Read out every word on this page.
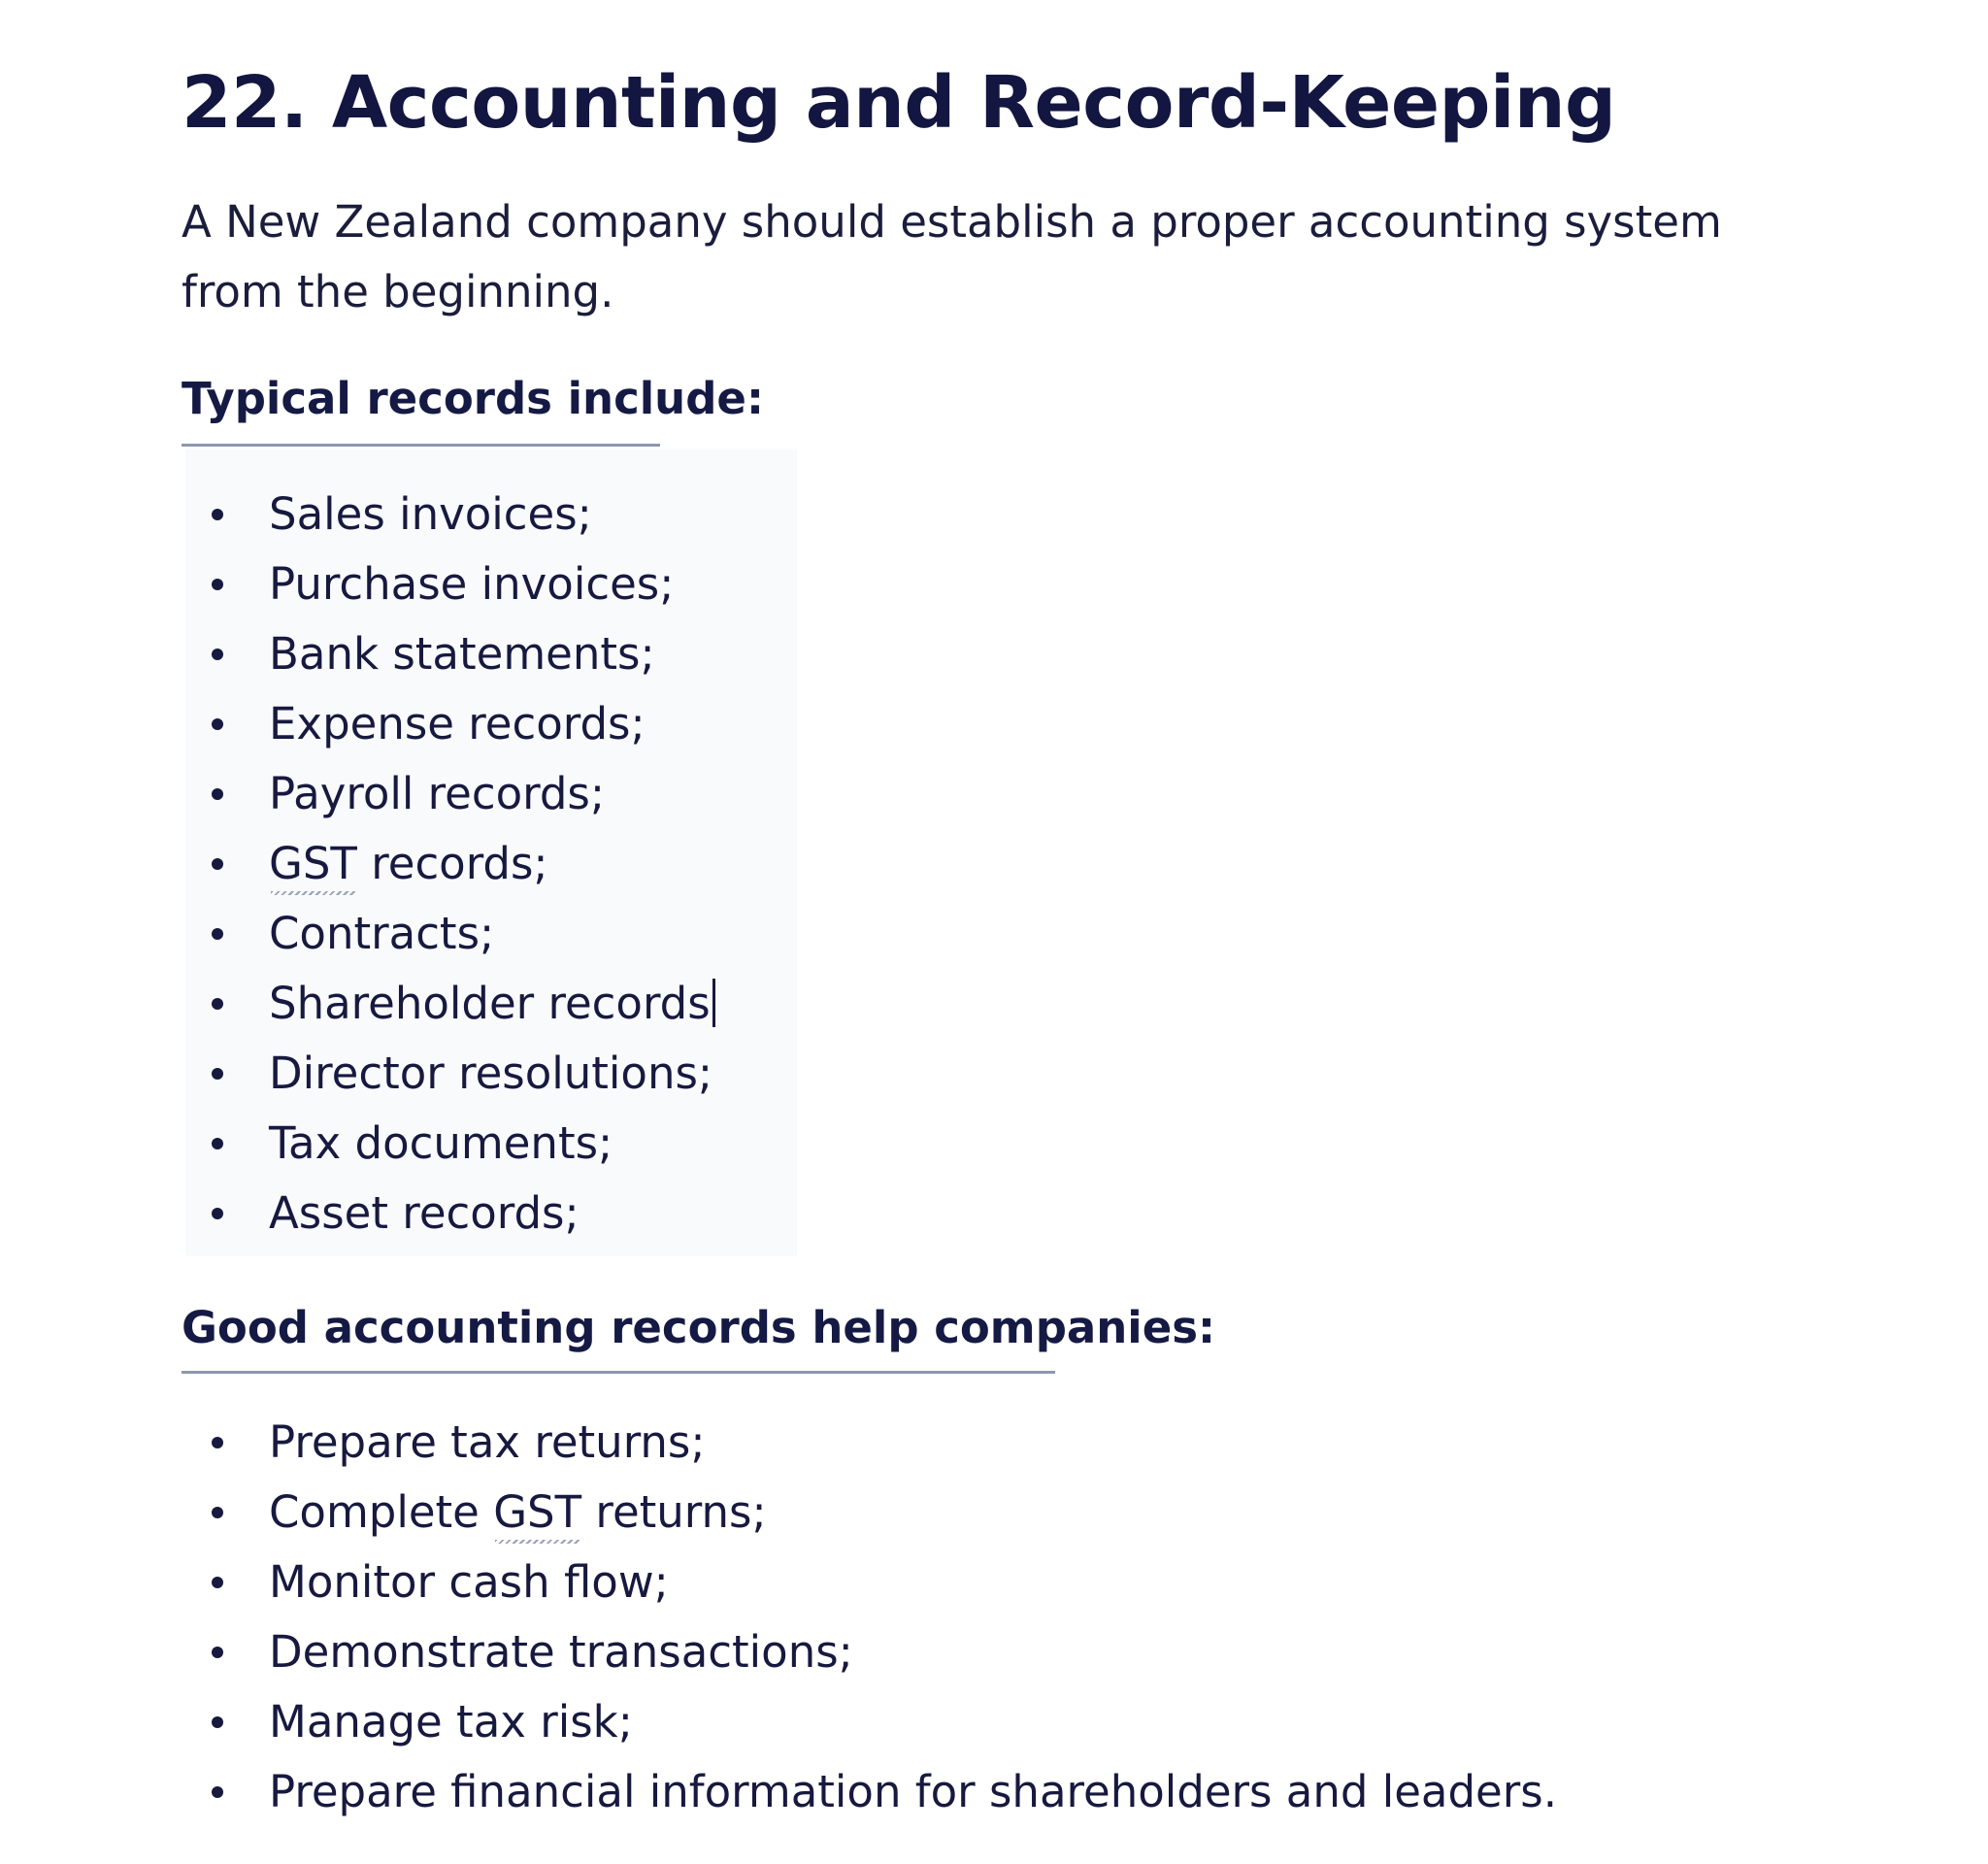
22. Accounting and Record-Keeping

A New Zealand company should establish a proper accounting system from the beginning.

Typical records include:
Sales invoices;
Purchase invoices;
Bank statements;
Expense records;
Payroll records;
GST records;
Contracts;
Shareholder records
Director resolutions;
Tax documents;
Asset records;
Good accounting records help companies:
Prepare tax returns;
Complete GST returns;
Monitor cash flow;
Demonstrate transactions;
Manage tax risk;
Prepare financial information for shareholders and leaders.
